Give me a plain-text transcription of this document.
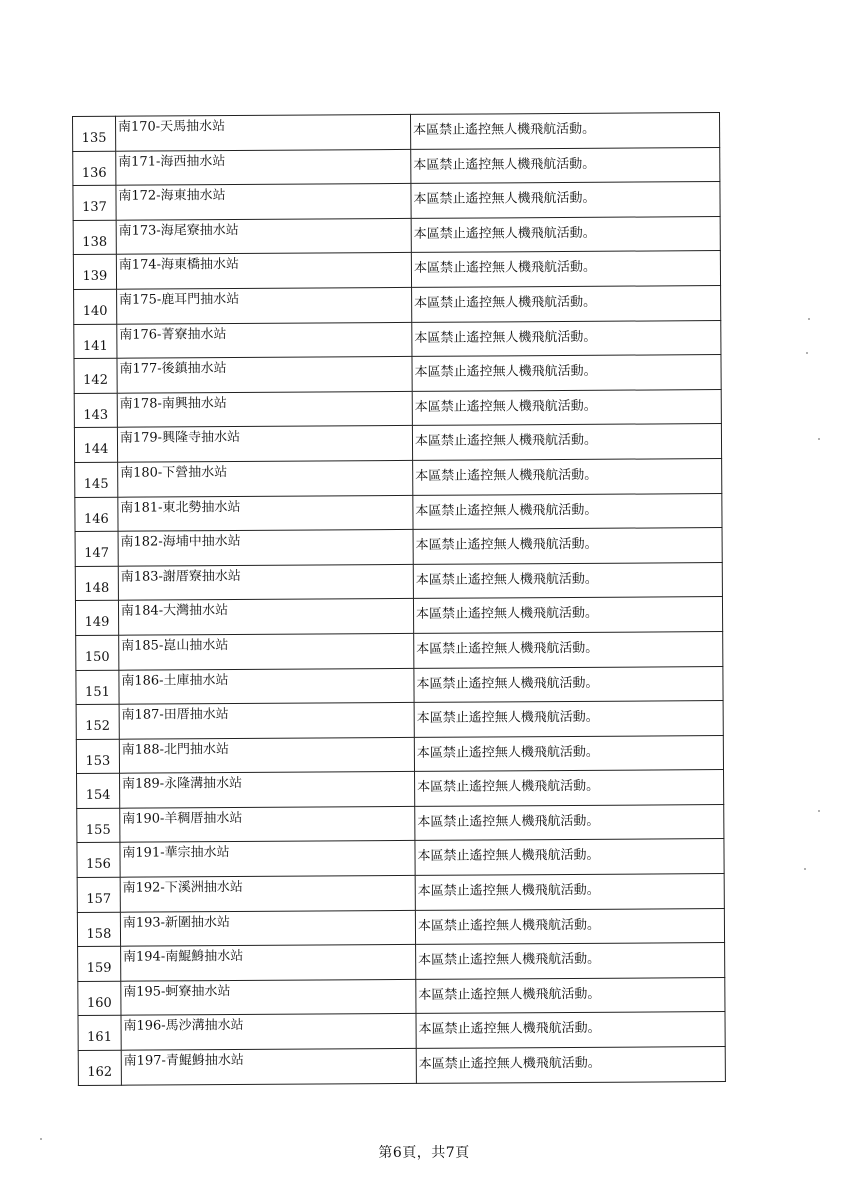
135	南170-天馬抽水站	本區禁止遙控無人機飛航活動。
136	南171-海西抽水站	本區禁止遙控無人機飛航活動。
137	南172-海東抽水站	本區禁止遙控無人機飛航活動。
138	南173-海尾寮抽水站	本區禁止遙控無人機飛航活動。
139	南174-海東橋抽水站	本區禁止遙控無人機飛航活動。
140	南175-鹿耳門抽水站	本區禁止遙控無人機飛航活動。
141	南176-菁寮抽水站	本區禁止遙控無人機飛航活動。
142	南177-後鎮抽水站	本區禁止遙控無人機飛航活動。
143	南178-南興抽水站	本區禁止遙控無人機飛航活動。
144	南179-興隆寺抽水站	本區禁止遙控無人機飛航活動。
145	南180-下營抽水站	本區禁止遙控無人機飛航活動。
146	南181-東北勢抽水站	本區禁止遙控無人機飛航活動。
147	南182-海埔中抽水站	本區禁止遙控無人機飛航活動。
148	南183-謝厝寮抽水站	本區禁止遙控無人機飛航活動。
149	南184-大灣抽水站	本區禁止遙控無人機飛航活動。
150	南185-崑山抽水站	本區禁止遙控無人機飛航活動。
151	南186-土庫抽水站	本區禁止遙控無人機飛航活動。
152	南187-田厝抽水站	本區禁止遙控無人機飛航活動。
153	南188-北門抽水站	本區禁止遙控無人機飛航活動。
154	南189-永隆溝抽水站	本區禁止遙控無人機飛航活動。
155	南190-羊稠厝抽水站	本區禁止遙控無人機飛航活動。
156	南191-華宗抽水站	本區禁止遙控無人機飛航活動。
157	南192-下溪洲抽水站	本區禁止遙控無人機飛航活動。
158	南193-新圍抽水站	本區禁止遙控無人機飛航活動。
159	南194-南鯤鯓抽水站	本區禁止遙控無人機飛航活動。
160	南195-蚵寮抽水站	本區禁止遙控無人機飛航活動。
161	南196-馬沙溝抽水站	本區禁止遙控無人機飛航活動。
162	南197-青鯤鯓抽水站	本區禁止遙控無人機飛航活動。
第6頁，共7頁
